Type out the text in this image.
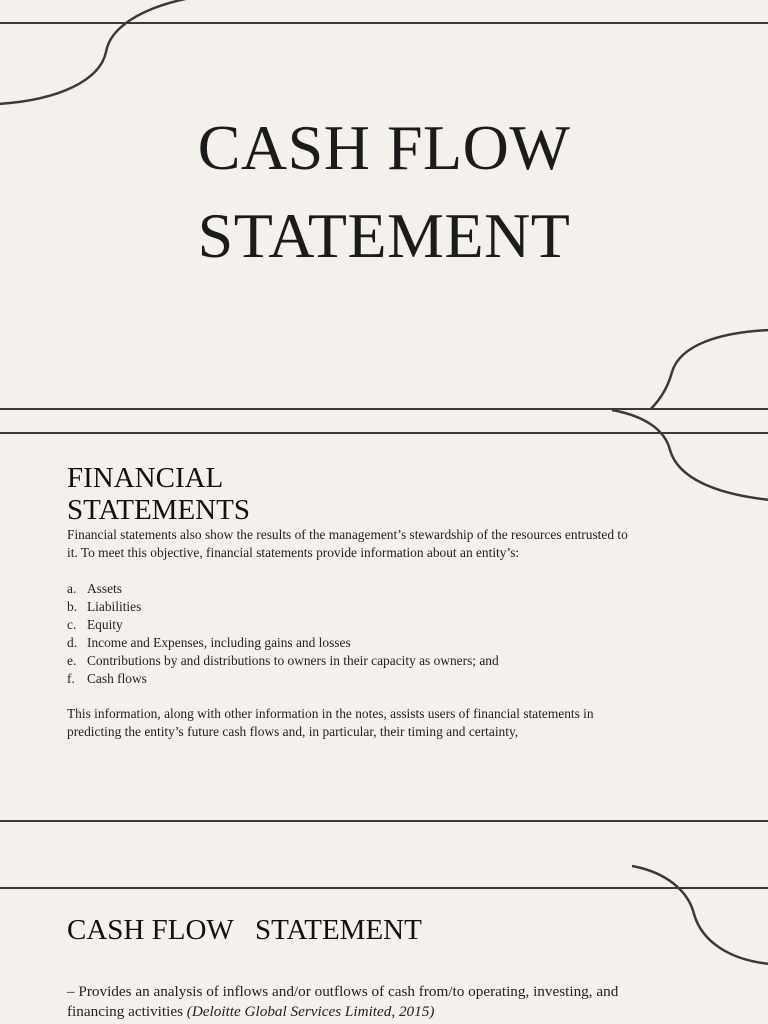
CASH FLOW
STATEMENT
FINANCIAL
STATEMENTS

Financial statements also show the results of the management’s stewardship of the resources entrusted to
it. To meet this objective, financial statements provide information about an entity’s:

a. Assets
b. Liabilities
c. Equity
d. Income and Expenses, including gains and losses
e. Contributions by and distributions to owners in their capacity as owners; and
f. Cash flows

This information, along with other information in the notes, assists users of financial statements in
predicting the entity’s future cash flows and, in particular, their timing and certainty,

CASH FLOW   STATEMENT

– Provides an analysis of inflows and/or outflows of cash from/to operating, investing, and
financing activities (Deloitte Global Services Limited, 2015)
